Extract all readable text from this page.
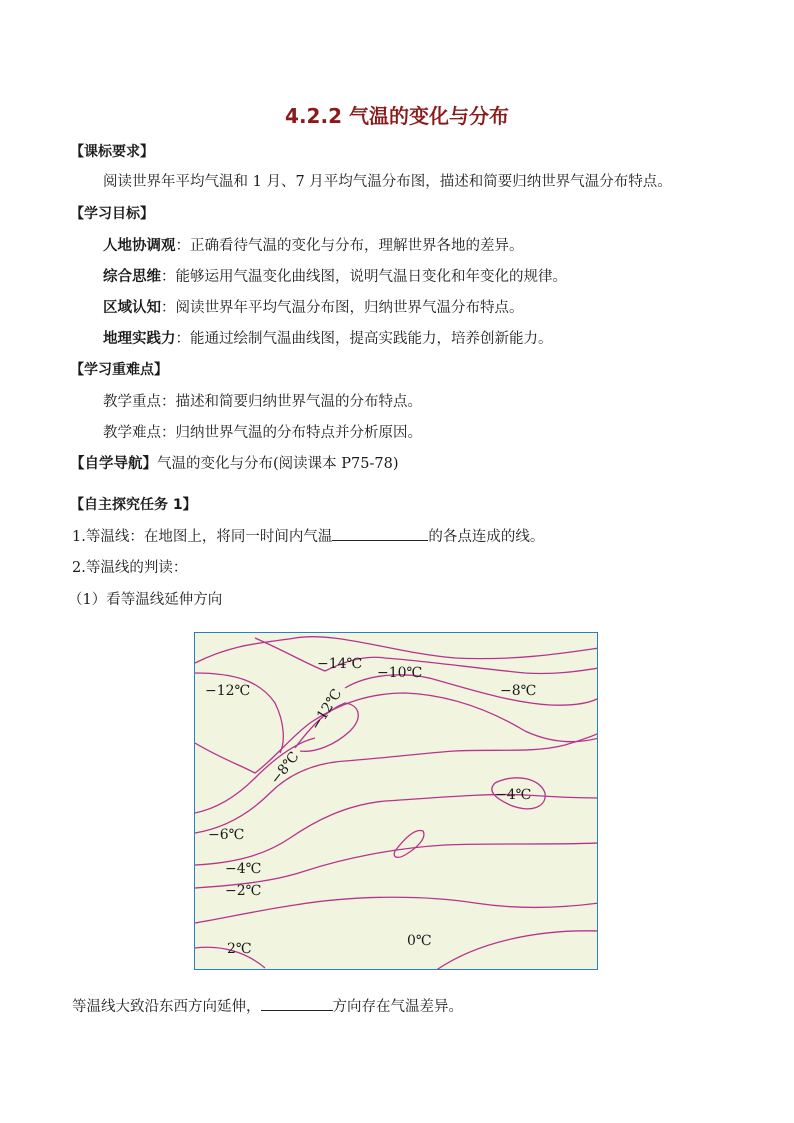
4.2.2 气温的变化与分布
【课标要求】
阅读世界年平均气温和 1 月、7 月平均气温分布图，描述和简要归纳世界气温分布特点。
【学习目标】
人地协调观：正确看待气温的变化与分布，理解世界各地的差异。
综合思维：能够运用气温变化曲线图，说明气温日变化和年变化的规律。
区域认知：阅读世界年平均气温分布图，归纳世界气温分布特点。
地理实践力：能通过绘制气温曲线图，提高实践能力，培养创新能力。
【学习重难点】
教学重点：描述和简要归纳世界气温的分布特点。
教学难点：归纳世界气温的分布特点并分析原因。
【自学导航】气温的变化与分布(阅读课本 P75-78)
【自主探究任务 1】
1.等温线：在地图上，将同一时间内气温	的各点连成的线。
2.等温线的判读：
（1）看等温线延伸方向
−14℃
−10℃
−12℃	−12℃	−8℃
−8℃
−4℃
−6℃
−4℃
−2℃
2℃	0℃
等温线大致沿东西方向延伸，	方向存在气温差异。
